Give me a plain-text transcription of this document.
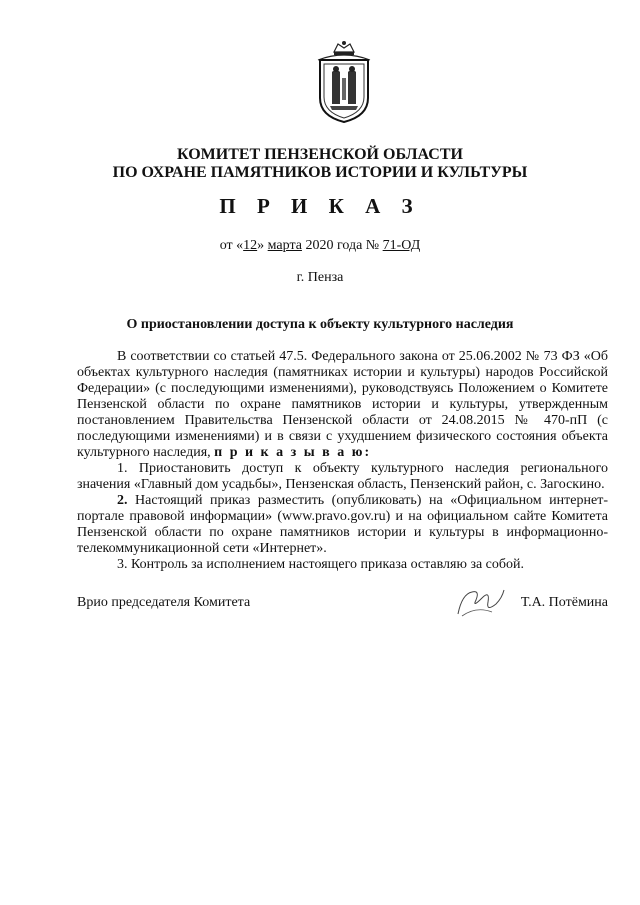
КОМИТЕТ ПЕНЗЕНСКОЙ ОБЛАСТИ
ПО ОХРАНЕ ПАМЯТНИКОВ ИСТОРИИ И КУЛЬТУРЫ
П Р И К А З
от «12» марта 2020 года № 71-ОД
г. Пенза
О приостановлении доступа к объекту культурного наследия

В соответствии со статьей 47.5. Федерального закона от 25.06.2002 № 73 ФЗ «Об объектах культурного наследия (памятниках истории и культуры) народов Российской Федерации» (с последующими изменениями), руководствуясь Положением о Комитете Пензенской области по охране памятников истории и культуры, утвержденным постановлением Правительства Пензенской области от 24.08.2015 № 470-пП (с последующими изменениями) и в связи с ухудшением физического состояния объекта культурного наследия, п р и к а з ы в а ю:

1. Приостановить доступ к объекту культурного наследия регионального значения «Главный дом усадьбы», Пензенская область, Пензенский район, с. Загоскино.

2. Настоящий приказ разместить (опубликовать) на «Официальном интернет-портале правовой информации» (www.pravo.gov.ru) и на официальном сайте Комитета Пензенской области по охране памятников истории и культуры в информационно-телекоммуникационной сети «Интернет».

3. Контроль за исполнением настоящего приказа оставляю за собой.

Врио председателя Комитета	Т.А. Потёмина
